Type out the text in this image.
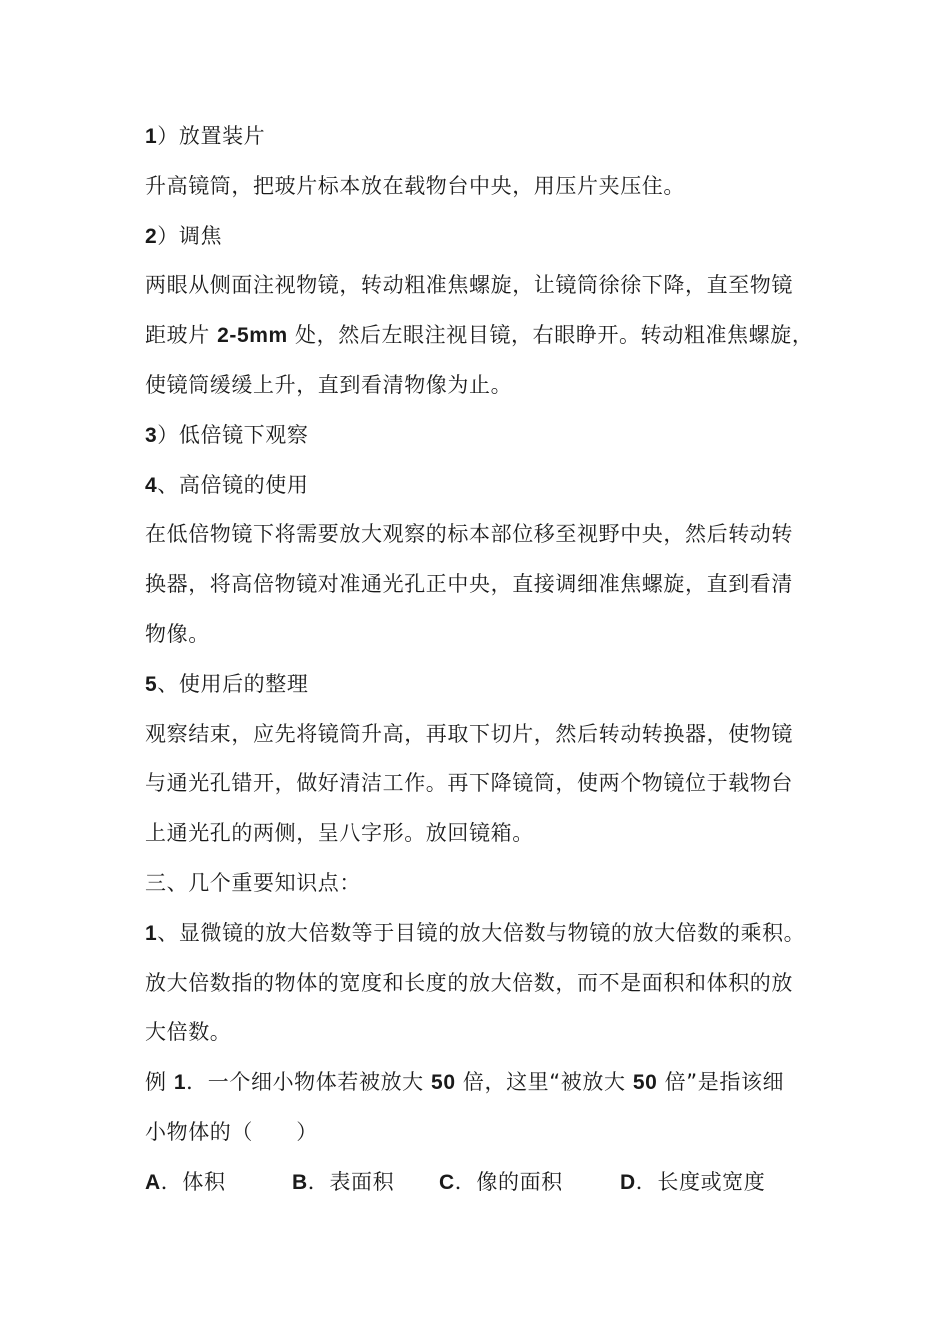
1）放置装片
升高镜筒，把玻片标本放在载物台中央，用压片夹压住。
2）调焦
两眼从侧面注视物镜，转动粗准焦螺旋，让镜筒徐徐下降，直至物镜
距玻片 2-5mm 处，然后左眼注视目镜，右眼睁开。转动粗准焦螺旋，
使镜筒缓缓上升，直到看清物像为止。
3）低倍镜下观察
4、高倍镜的使用
在低倍物镜下将需要放大观察的标本部位移至视野中央，然后转动转
换器，将高倍物镜对准通光孔正中央，直接调细准焦螺旋，直到看清
物像。
5、使用后的整理
观察结束，应先将镜筒升高，再取下切片，然后转动转换器，使物镜
与通光孔错开，做好清洁工作。再下降镜筒，使两个物镜位于载物台
上通光孔的两侧，呈八字形。放回镜箱。
三、几个重要知识点：
1、显微镜的放大倍数等于目镜的放大倍数与物镜的放大倍数的乘积。
放大倍数指的物体的宽度和长度的放大倍数，而不是面积和体积的放
大倍数。
例 1．一个细小物体若被放大 50 倍，这里“被放大 50 倍”是指该细
小物体的（　　）
A．体积	B．表面积 C．像的面积	D．长度或宽度
